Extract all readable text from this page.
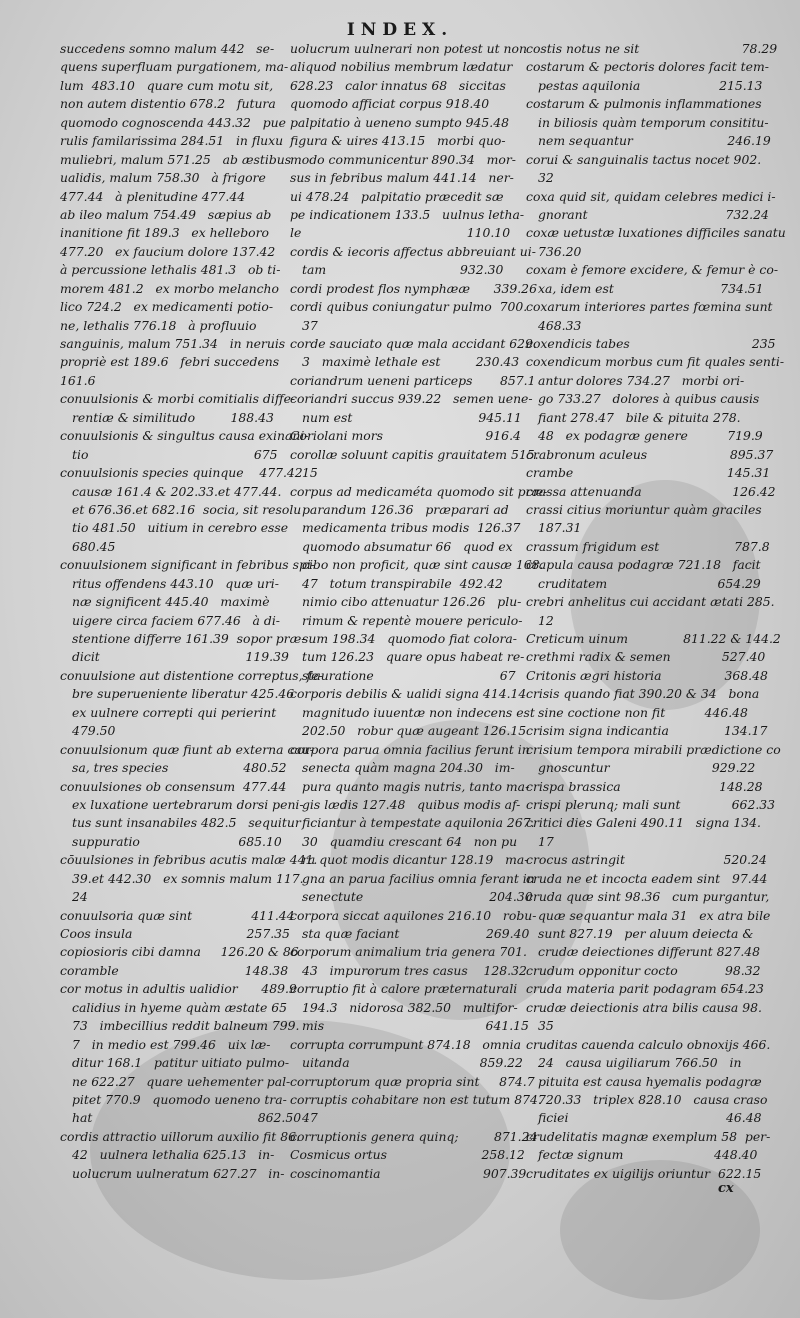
INDEX.
succedens somno malum 442   se-
quens superfluam purgationem, ma-
lum  483.10   quare cum motu sit,
non autem distentio 678.2   futura
quomodo cognoscenda 443.32   pue
rulis familarissima 284.51   in fluxu
muliebri, malum 571.25   ab æstibus
ualidis, malum 758.30   à frigore
477.44   à plenitudine 477.44
ab ileo malum 754.49   sæpius ab
inanitione fit 189.3   ex helleboro
477.20   ex faucium dolore 137.42
à percussione lethalis 481.3   ob ti-
morem 481.2   ex morbo melancho
lico 724.2   ex medicamenti potio-
ne, lethalis 776.18   à profluuio
sanguinis, malum 751.34   in neruis
propriè est 189.6   febri succedens
161.6
conuulsionis & morbi comitialis diffe-
rentiæ & similitudo         188.43
conuulsionis & singultus causa exinani-
tio                                          675
conuulsionis species quinque    477.42
causæ 161.4 & 202.33.et 477.44.
et 676.36.et 682.16  socia, sit resolu
tio 481.50   uitium in cerebro esse
680.45
conuulsionem significant in febribus spi-
ritus offendens 443.10   quæ uri-
næ significent 445.40   maximè
uigere circa faciem 677.46   à di-
stentione differre 161.39  sopor præ-
dicit                                     119.39
conuulsione aut distentione correptus, fe-
bre superueniente liberatur 425.46
ex uulnere correpti qui perierint
479.50
conuulsionum quæ fiunt ab externa cau-
sa, tres species                   480.52
conuulsiones ob consensum  477.44
ex luxatione uertebrarum dorsi peni-
tus sunt insanabiles 482.5   sequitur
suppuratio                         685.10
cōuulsiones in febribus acutis malæ 441.
39.et 442.30   ex somnis malum 117.
24
conuulsoria quæ sint               411.44
Coos insula                             257.35
copiosioris cibi damna     126.20 & 86
coramble                                148.38
cor motus in adultis ualidior      489.9
calidius in hyeme quàm æstate 65
73   imbecillius reddit balneum 799.
7   in medio est 799.46   uix læ-
ditur 168.1   patitur uitiato pulmo-
ne 622.27   quare uehementer pal-
pitet 770.9   quomodo ueneno tra-
hat                                          862.50
cordis attractio uillorum auxilio fit 86.
42   uulnera lethalia 625.13   in-
uolucrum uulneratum 627.27   in-
uolucrum uulnerari non potest ut non
aliquod nobilius membrum lædatur
628.23   calor innatus 68   siccitas
quomodo afficiat corpus 918.40
palpitatio à ueneno sumpto 945.48
figura & uires 413.15   morbi quo-
modo communicentur 890.34   mor-
sus in febribus malum 441.14   ner-
ui 478.24   palpitatio præcedit sæ
pe indicationem 133.5   uulnus letha-
le                                          110.10
cordis & iecoris affectus abbreuiant ui-
tam                                  932.30
cordi prodest flos nymphææ      339.26
cordi quibus coniungatur pulmo  700.
37
corde sauciato quæ mala accidant 629.
3   maximè lethale est         230.43
coriandrum ueneni particeps       857.1
coriandri succus 939.22   semen uene-
num est                                945.11
Coriolani mors                          916.4
corollæ soluunt capitis grauitatem 515.
15
corpus ad medicaméta quomodo sit præ-
parandum 126.36   præparari ad
medicamenta tribus modis  126.37
quomodo absumatur 66   quod ex
cibo non proficit, quæ sint causæ 168.
47   totum transpirabile  492.42
nimio cibo attenuatur 126.26   plu-
rimum & repentè mouere periculo-
sum 198.34   quomodo fiat colora-
tum 126.23   quare opus habeat re-
stauratione                                67
corporis debilis & ualidi signa 414.14
magnitudo iuuentæ non indecens est
202.50   robur quæ augeant 126.15
corpora parua omnia facilius ferunt in
senecta quàm magna 204.30   im-
pura quanto magis nutris, tanto ma-
gis lædis 127.48   quibus modis af-
ficiantur à tempestate aquilonia 267.
30   quamdiu crescant 64   non pu
ra quot modis dicantur 128.19   ma-
gna an parua facilius omnia ferant in
senectute                                204.30
corpora siccat aquilones 216.10   robu-
sta quæ faciant                      269.40
corporum animalium tria genera 701.
43   impurorum tres casus    128.32
corruptio fit à calore præternaturali
194.3   nidorosa 382.50   multifor-
mis                                         641.15
corrupta corrumpunt 874.18   omnia
uitanda                                 859.22
corruptorum quæ propria sint     874.7
corruptis cohabitare non est tutum 874.
47
corruptionis genera quinq;         871.24
Cosmicus ortus                        258.12
coscinomantia                          907.39
costis notus ne sit                          78.29
costarum & pectoris dolores facit tem-
pestas aquilonia                    215.13
costarum & pulmonis inflammationes
in biliosis quàm temporum consititu-
nem sequantur                        246.19
corui & sanguinalis tactus nocet 902.
32
coxa quid sit, quidam celebres medici i-
gnorant                                   732.24
coxæ uetustæ luxationes difficiles sanatu
736.20
coxam è femore excidere, & femur è co-
xa, idem est                           734.51
coxarum interiores partes fœmina sunt
468.33
coxendicis tabes                               235
coxendicum morbus cum fit quales senti-
antur dolores 734.27   morbi ori-
go 733.27   dolores à quibus causis
fiant 278.47   bile & pituita 278.
48   ex podagræ genere          719.9
crabronum aculeus                     895.37
crambe                                       145.31
crassa attenuanda                       126.42
crassi citius moriuntur quàm graciles
187.31
crassum frigidum est                   787.8
crapula causa podagræ 721.18   facit
cruditatem                            654.29
crebri anhelitus cui accidant ætati 285.
12
Creticum uinum              811.22 & 144.2
crethmi radix & semen             527.40
Critonis ægri historia                368.48
crisis quando fiat 390.20 & 34   bona
sine coctione non fit          446.48
crisim signa indicantia              134.17
crisium tempora mirabili prædictione co
gnoscuntur                          929.22
crispa brassica                         148.28
crispi plerunq; mali sunt             662.33
critici dies Galeni 490.11   signa 134.
17
crocus astringit                         520.24
cruda ne et incocta eadem sint   97.44
cruda quæ sint 98.36   cum purgantur,
quæ sequantur mala 31   ex atra bile
sunt 827.19   per aluum deiecta &
crudæ deiectiones differunt 827.48
crudum opponitur cocto            98.32
cruda materia parit podagram 654.23
crudæ deiectionis atra bilis causa 98.
35
cruditas cauenda calculo obnoxijs 466.
24   causa uigiliarum 766.50   in
pituita est causa hyemalis podagræ
720.33   triplex 828.10   causa craso
ficiei                                        46.48
crudelitatis magnæ exemplum 58  per-
fectæ signum                       448.40
cruditates ex uigilijs oriuntur  622.15
cx
